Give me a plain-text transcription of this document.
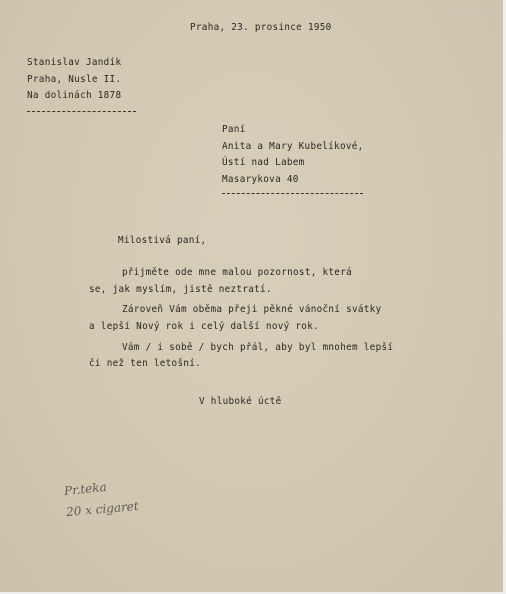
Paměť národa

Praha, 23. prosince 1950

Stanislav Jandík

Praha, Nusle II.

Na dolinách 1878

Paní

Anita a Mary Kubelíkové,

Ústí nad Labem

Masarykova 40

Milostivá paní,

přijměte ode mne malou pozornost, která

se, jak myslím, jistě neztratí.

Zároveň Vám oběma přeji pěkné vánoční svátky

a lepší Nový rok i celý další nový rok.

Vám / i sobě / bych přál, aby byl mnohem lepší

či než ten letošní.

V hluboké úctě

Pr.teka

20 x cigaret
